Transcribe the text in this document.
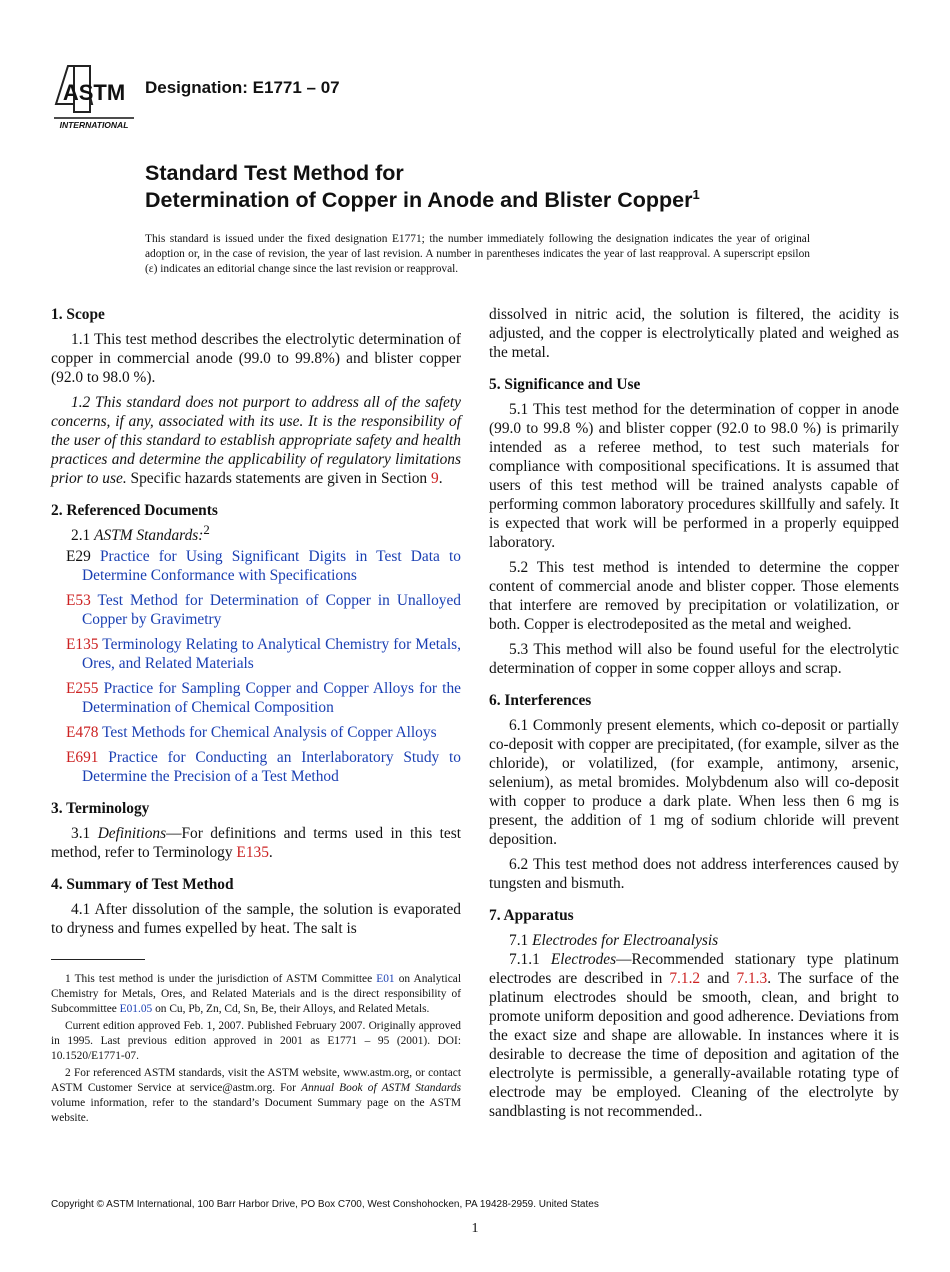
ASTM
INTERNATIONAL
Designation: E1771 – 07
Standard Test Method for
Determination of Copper in Anode and Blister Copper$^1$
This standard is issued under the fixed designation E1771; the number immediately following the designation indicates the year of original adoption or, in the case of revision, the year of last revision. A number in parentheses indicates the year of last reapproval. A superscript epsilon (ε) indicates an editorial change since the last revision or reapproval.
1. Scope

1.1 This test method describes the electrolytic determination of copper in commercial anode (99.0 to 99.8%) and blister copper (92.0 to 98.0 %).

1.2 This standard does not purport to address all of the safety concerns, if any, associated with its use. It is the responsibility of the user of this standard to establish appropriate safety and health practices and determine the applicability of regulatory limitations prior to use. Specific hazards statements are given in Section 9.

2. Referenced Documents

2.1 ASTM Standards:$^2$

E29 Practice for Using Significant Digits in Test Data to Determine Conformance with Specifications

E53 Test Method for Determination of Copper in Unalloyed Copper by Gravimetry

E135 Terminology Relating to Analytical Chemistry for Metals, Ores, and Related Materials

E255 Practice for Sampling Copper and Copper Alloys for the Determination of Chemical Composition

E478 Test Methods for Chemical Analysis of Copper Alloys

E691 Practice for Conducting an Interlaboratory Study to Determine the Precision of a Test Method

3. Terminology

3.1 Definitions—For definitions and terms used in this test method, refer to Terminology E135.

4. Summary of Test Method

4.1 After dissolution of the sample, the solution is evaporated to dryness and fumes expelled by heat. The salt is

1 This test method is under the jurisdiction of ASTM Committee E01 on Analytical Chemistry for Metals, Ores, and Related Materials and is the direct responsibility of Subcommittee E01.05 on Cu, Pb, Zn, Cd, Sn, Be, their Alloys, and Related Metals.

Current edition approved Feb. 1, 2007. Published February 2007. Originally approved in 1995. Last previous edition approved in 2001 as E1771 – 95 (2001). DOI: 10.1520/E1771-07.

2 For referenced ASTM standards, visit the ASTM website, www.astm.org, or contact ASTM Customer Service at service@astm.org. For Annual Book of ASTM Standards volume information, refer to the standard’s Document Summary page on the ASTM website.

dissolved in nitric acid, the solution is filtered, the acidity is adjusted, and the copper is electrolytically plated and weighed as the metal.

5. Significance and Use

5.1 This test method for the determination of copper in anode (99.0 to 99.8 %) and blister copper (92.0 to 98.0 %) is primarily intended as a referee method, to test such materials for compliance with compositional specifications. It is assumed that users of this test method will be trained analysts capable of performing common laboratory procedures skillfully and safely. It is expected that work will be performed in a properly equipped laboratory.

5.2 This test method is intended to determine the copper content of commercial anode and blister copper. Those elements that interfere are removed by precipitation or volatilization, or both. Copper is electrodeposited as the metal and weighed.

5.3 This method will also be found useful for the electrolytic determination of copper in some copper alloys and scrap.

6. Interferences

6.1 Commonly present elements, which co-deposit or partially co-deposit with copper are precipitated, (for example, silver as the chloride), or volatilized, (for example, antimony, arsenic, selenium), as metal bromides. Molybdenum also will co-deposit with copper to produce a dark plate. When less then 6 mg is present, the addition of 1 mg of sodium chloride will prevent deposition.

6.2 This test method does not address interferences caused by tungsten and bismuth.

7. Apparatus

7.1 Electrodes for Electroanalysis

7.1.1 Electrodes—Recommended stationary type platinum electrodes are described in 7.1.2 and 7.1.3. The surface of the platinum electrodes should be smooth, clean, and bright to promote uniform deposition and good adherence. Deviations from the exact size and shape are allowable. In instances where it is desirable to decrease the time of deposition and agitation of the electrolyte is permissible, a generally-available rotating type of electrode may be employed. Cleaning of the electrolyte by sandblasting is not recommended..

Copyright © ASTM International, 100 Barr Harbor Drive, PO Box C700, West Conshohocken, PA 19428-2959. United States
1
